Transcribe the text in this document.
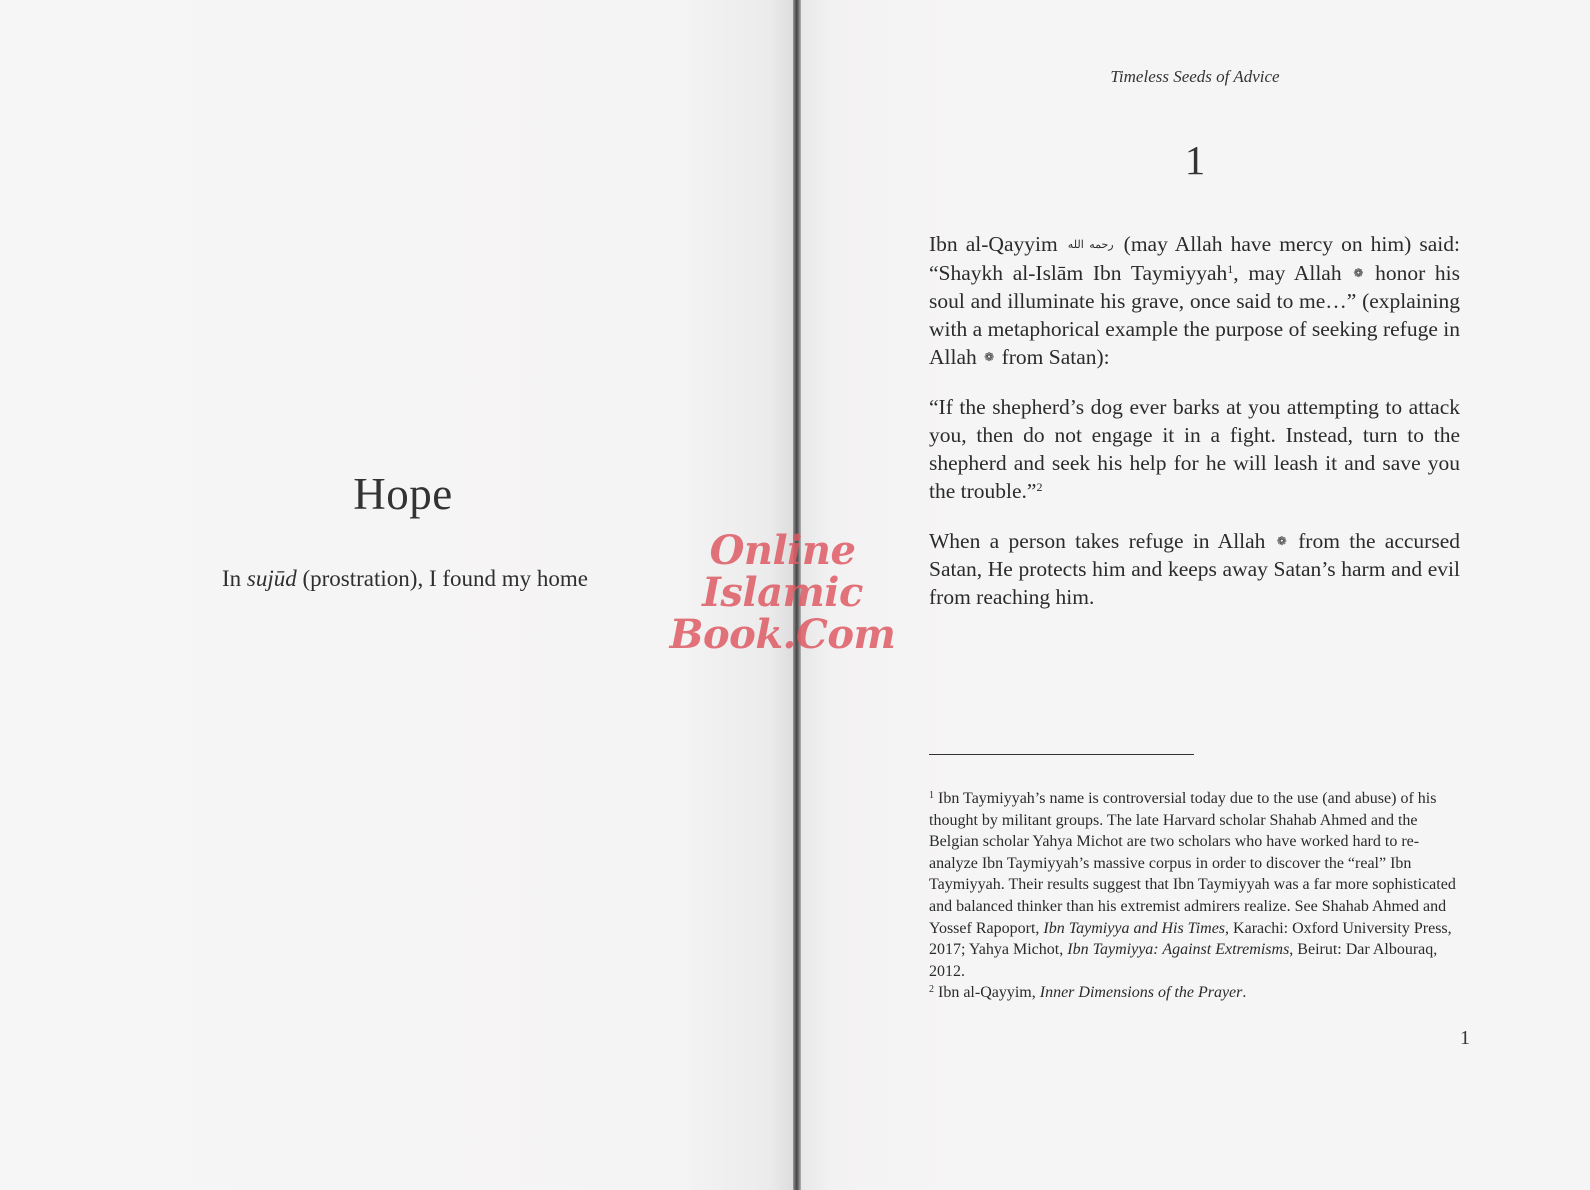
Hope
In sujūd (prostration), I found my home
Timeless Seeds of Advice
1

Ibn al-Qayyim رحمه الله (may Allah have mercy on him) said: “Shaykh al-Islām Ibn Taymiyyah$^1$, may Allah ❁ honor his soul and illuminate his grave, once said to me…” (explaining with a metaphorical example the purpose of seeking refuge in Allah ❁ from Satan):

“If the shepherd’s dog ever barks at you attempting to attack you, then do not engage it in a fight. Instead, turn to the shepherd and seek his help for he will leash it and save you the trouble.”$^2$

When a person takes refuge in Allah ❁ from the accursed Satan, He protects him and keeps away Satan’s harm and evil from reaching him.

$^1$ Ibn Taymiyyah’s name is controversial today due to the use (and abuse) of his thought by militant groups. The late Harvard scholar Shahab Ahmed and the Belgian scholar Yahya Michot are two scholars who have worked hard to re-analyze Ibn Taymiyyah’s massive corpus in order to discover the “real” Ibn Taymiyyah. Their results suggest that Ibn Taymiyyah was a far more sophisticated and balanced thinker than his extremist admirers realize. See Shahab Ahmed and Yossef Rapoport, Ibn Taymiyya and His Times, Karachi: Oxford University Press, 2017; Yahya Michot, Ibn Taymiyya: Against Extremisms, Beirut: Dar Albouraq, 2012.

$^2$ Ibn al-Qayyim, Inner Dimensions of the Prayer.

1
Online Islamic
Book.Com
